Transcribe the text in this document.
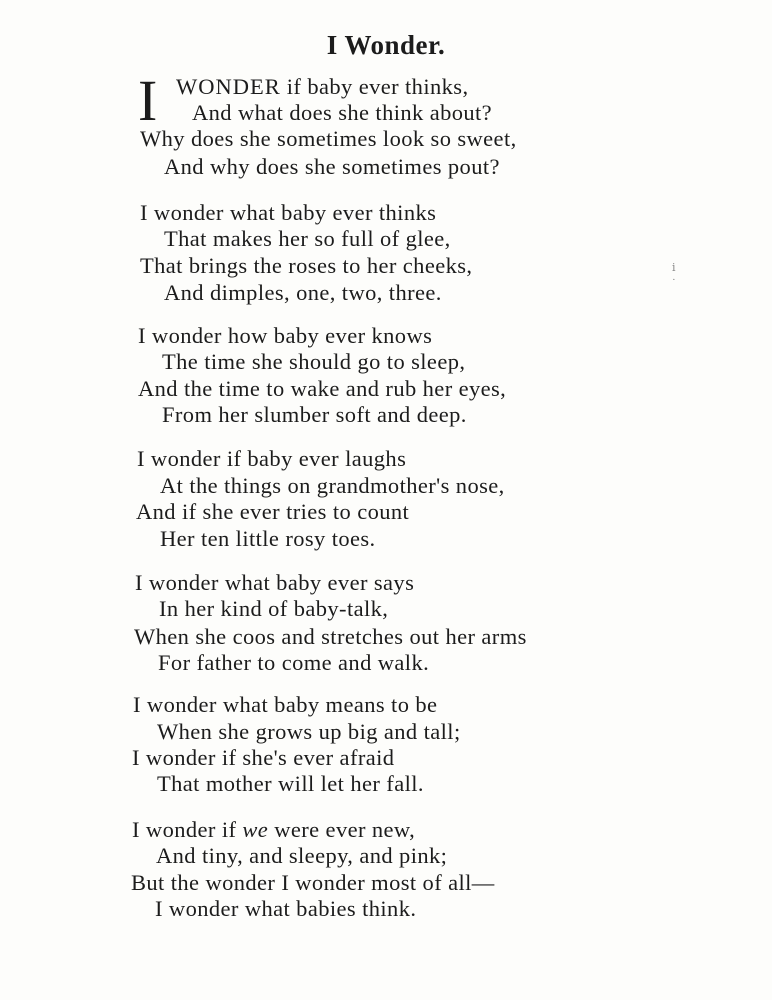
I Wonder.
I WONDER if baby ever thinks,
And what does she think about?
Why does she sometimes look so sweet,
And why does she sometimes pout?
I wonder what baby ever thinks
That makes her so full of glee,
That brings the roses to her cheeks,
And dimples, one, two, three.
I wonder how baby ever knows
The time she should go to sleep,
And the time to wake and rub her eyes,
From her slumber soft and deep.
I wonder if baby ever laughs
At the things on grandmother's nose,
And if she ever tries to count
Her ten little rosy toes.
I wonder what baby ever says
In her kind of baby-talk,
When she coos and stretches out her arms
For father to come and walk.
I wonder what baby means to be
When she grows up big and tall;
I wonder if she's ever afraid
That mother will let her fall.
I wonder if we were ever new,
And tiny, and sleepy, and pink;
But the wonder I wonder most of all—
I wonder what babies think.
ⅰ
·
